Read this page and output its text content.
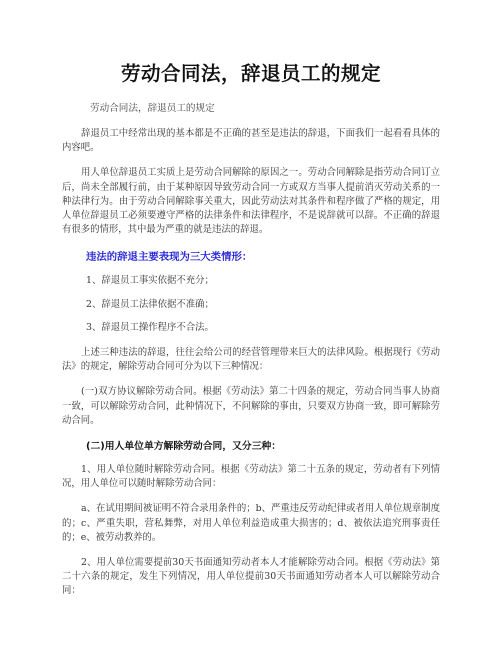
劳动合同法，辞退员工的规定
劳动合同法，辞退员工的规定

辞退员工中经常出现的基本都是不正确的甚至是违法的辞退，下面我们一起看看具体的内容吧。

用人单位辞退员工实质上是劳动合同解除的原因之一。劳动合同解除是指劳动合同订立后，尚未全部履行前，由于某种原因导致劳动合同一方或双方当事人提前消灭劳动关系的一种法律行为。由于劳动合同解除事关重大，因此劳动法对其条件和程序做了严格的规定，用人单位辞退员工必须要遵守严格的法律条件和法律程序，不是说辞就可以辞。不正确的辞退有很多的情形，其中最为严重的就是违法的辞退。

违法的辞退主要表现为三大类情形：

1、辞退员工事实依据不充分；

2、辞退员工法律依据不准确；

3、辞退员工操作程序不合法。

上述三种违法的辞退，往往会给公司的经营管理带来巨大的法律风险。根据现行《劳动法》的规定，解除劳动合同可分为以下三种情况：

(一)双方协议解除劳动合同。根据《劳动法》第二十四条的规定，劳动合同当事人协商一致，可以解除劳动合同，此种情况下，不问解除的事由，只要双方协商一致，即可解除劳动合同。

(二)用人单位单方解除劳动合同，又分三种：

1、用人单位随时解除劳动合同。根据《劳动法》第二十五条的规定，劳动者有下列情况，用人单位可以随时解除劳动合同：

a、在试用期间被证明不符合录用条件的；b、严重违反劳动纪律或者用人单位规章制度的；c、严重失职，营私舞弊，对用人单位利益造成重大损害的；d、被依法追究刑事责任的；e、被劳动教养的。

2、用人单位需要提前30天书面通知劳动者本人才能解除劳动合同。根据《劳动法》第二十六条的规定，发生下列情况，用人单位提前30天书面通知劳动者本人可以解除劳动合同：
